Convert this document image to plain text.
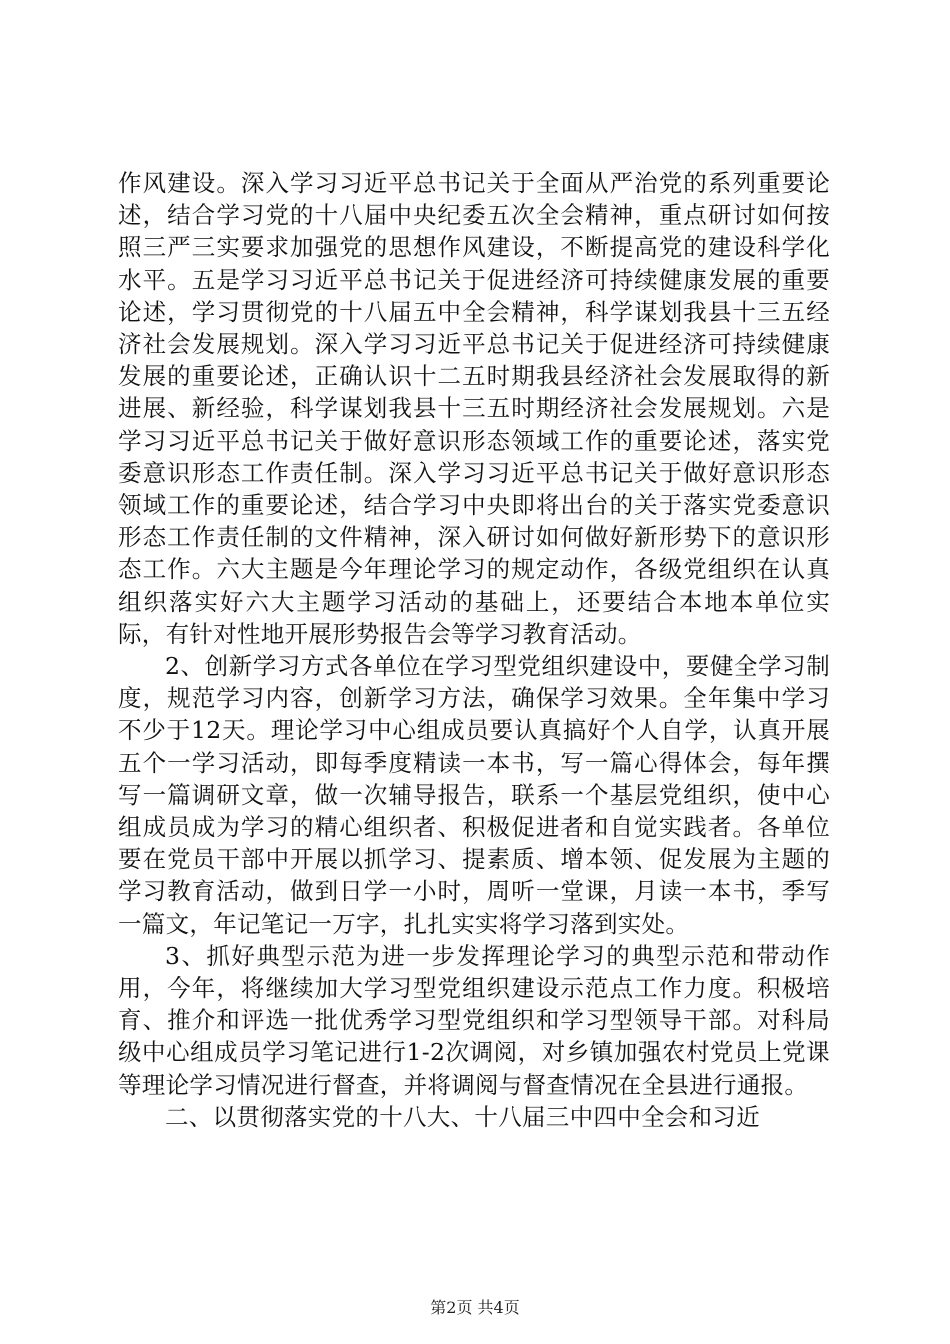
作风建设。深入学习习近平总书记关于全面从严治党的系列重要论述，结合学习党的十八届中央纪委五次全会精神，重点研讨如何按照三严三实要求加强党的思想作风建设，不断提高党的建设科学化水平。五是学习习近平总书记关于促进经济可持续健康发展的重要论述，学习贯彻党的十八届五中全会精神，科学谋划我县十三五经济社会发展规划。深入学习习近平总书记关于促进经济可持续健康发展的重要论述，正确认识十二五时期我县经济社会发展取得的新进展、新经验，科学谋划我县十三五时期经济社会发展规划。六是学习习近平总书记关于做好意识形态领域工作的重要论述，落实党委意识形态工作责任制。深入学习习近平总书记关于做好意识形态领域工作的重要论述，结合学习中央即将出台的关于落实党委意识形态工作责任制的文件精神，深入研讨如何做好新形势下的意识形态工作。六大主题是今年理论学习的规定动作，各级党组织在认真组织落实好六大主题学习活动的基础上，还要结合本地本单位实际，有针对性地开展形势报告会等学习教育活动。

2、创新学习方式各单位在学习型党组织建设中，要健全学习制度，规范学习内容，创新学习方法，确保学习效果。全年集中学习不少于12天。理论学习中心组成员要认真搞好个人自学，认真开展五个一学习活动，即每季度精读一本书，写一篇心得体会，每年撰写一篇调研文章，做一次辅导报告，联系一个基层党组织，使中心组成员成为学习的精心组织者、积极促进者和自觉实践者。各单位要在党员干部中开展以抓学习、提素质、增本领、促发展为主题的学习教育活动，做到日学一小时，周听一堂课，月读一本书，季写一篇文，年记笔记一万字，扎扎实实将学习落到实处。

3、抓好典型示范为进一步发挥理论学习的典型示范和带动作用，今年，将继续加大学习型党组织建设示范点工作力度。积极培育、推介和评选一批优秀学习型党组织和学习型领导干部。对科局级中心组成员学习笔记进行1-2次调阅，对乡镇加强农村党员上党课等理论学习情况进行督查，并将调阅与督查情况在全县进行通报。

二、以贯彻落实党的十八大、十八届三中四中全会和习近

第2页 共4页
